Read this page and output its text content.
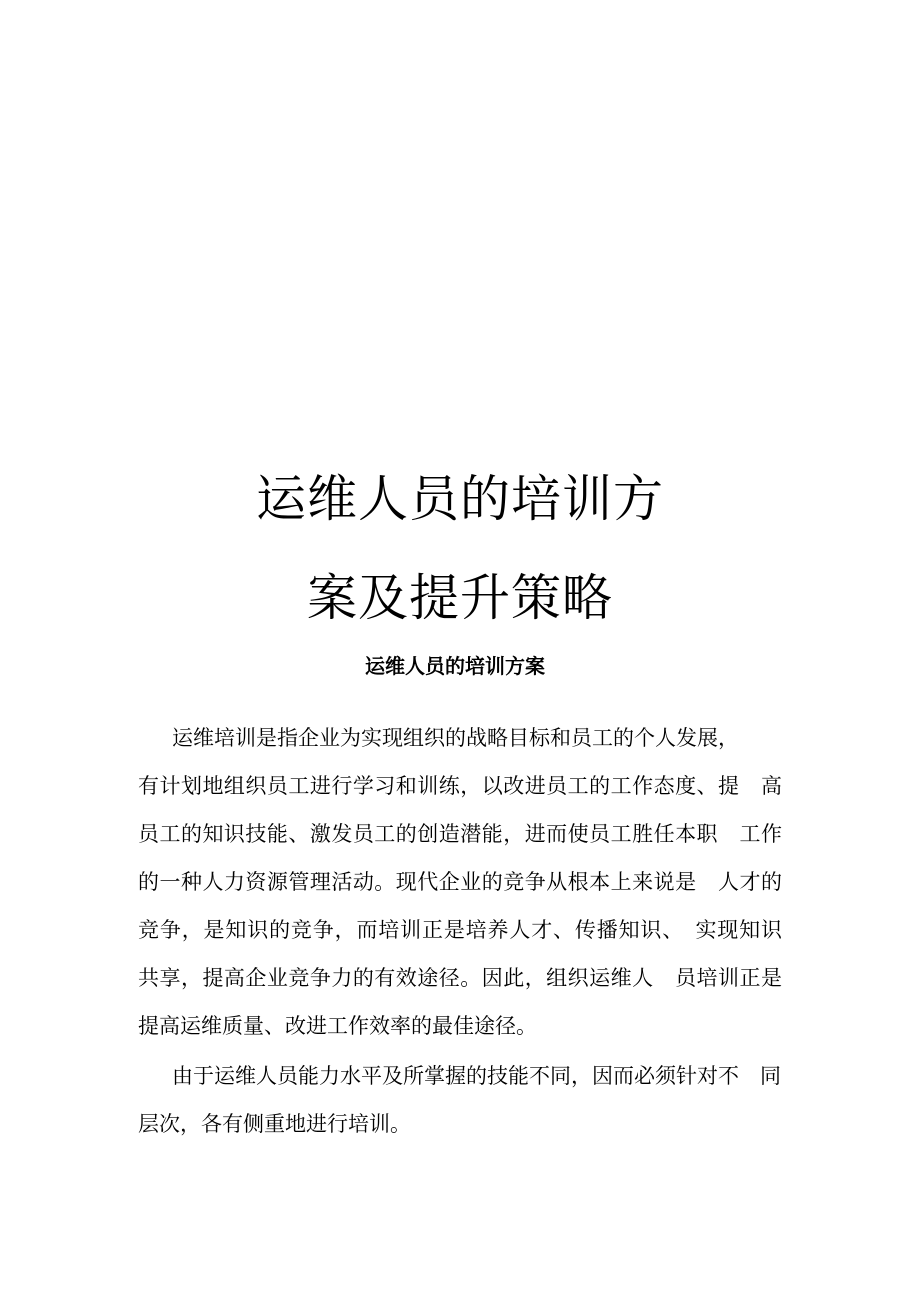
运维人员的培训方
案及提升策略
运维人员的培训方案
运维培训是指企业为实现组织的战略目标和员工的个人发展，
有计划地组织员工进行学习和训练，以改进员工的工作态度、提　高
员工的知识技能、激发员工的创造潜能，进而使员工胜任本职　工作
的一种人力资源管理活动。现代企业的竞争从根本上来说是　人才的
竞争，是知识的竞争，而培训正是培养人才、传播知识、　实现知识
共享，提高企业竞争力的有效途径。因此，组织运维人　员培训正是
提高运维质量、改进工作效率的最佳途径。
由于运维人员能力水平及所掌握的技能不同，因而必须针对不　同
层次，各有侧重地进行培训。
